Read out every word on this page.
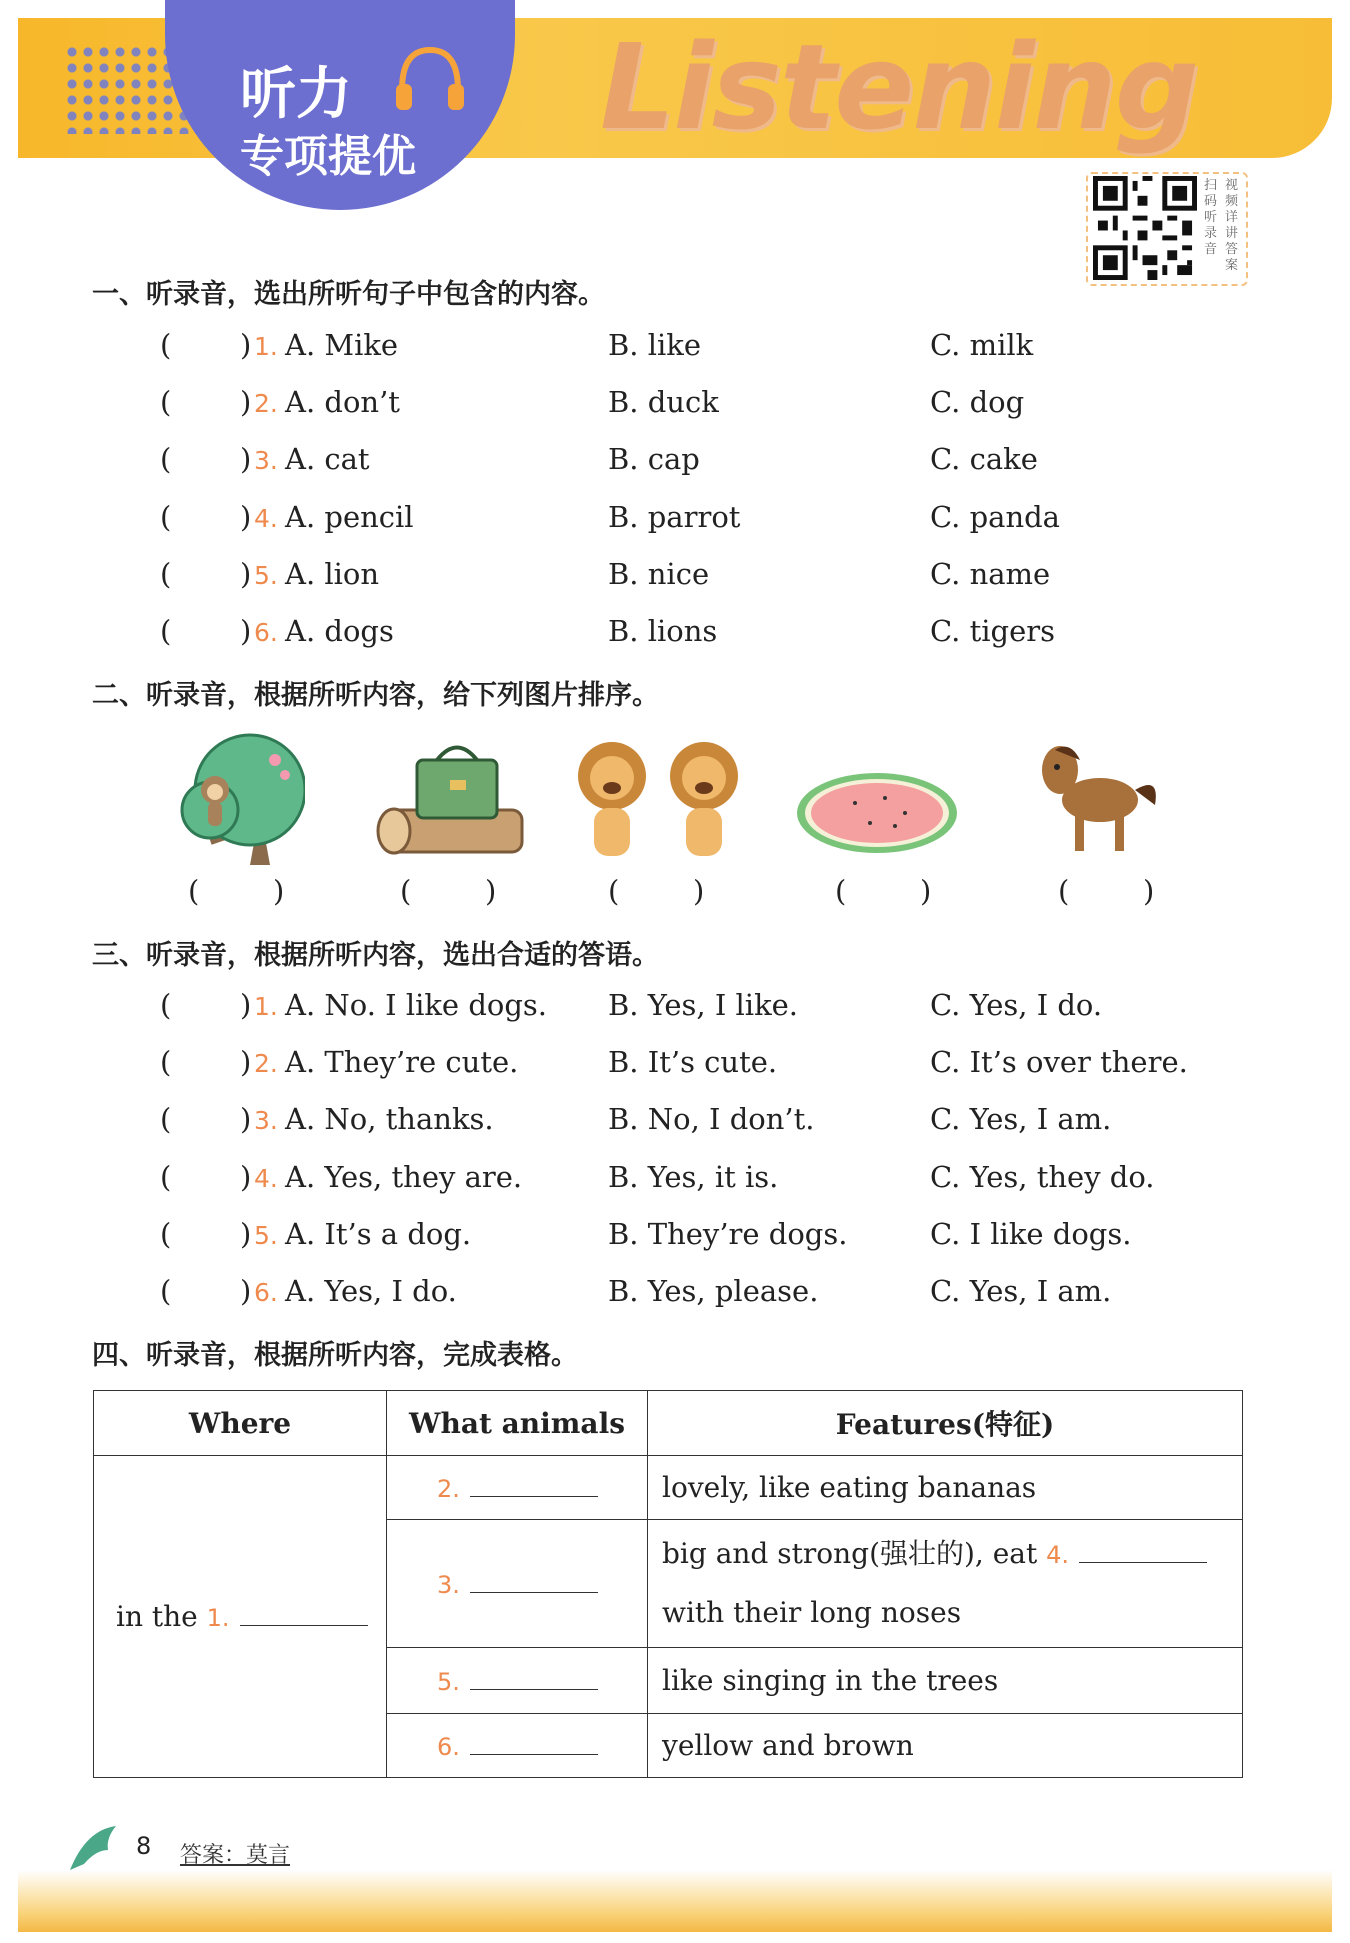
听力
专项提优
Listening
扫 视
码 频
听 详
录 讲
音 答
案
一、听录音，选出所听句子中包含的内容。
( ) 1. A. Mike	B. like	C. milk
( ) 2. A. don’t	B. duck	C. dog
( ) 3. A. cat	B. cap	C. cake
( ) 4. A. pencil	B. parrot	C. panda
( ) 5. A. lion	B. nice	C. name
( ) 6. A. dogs	B. lions	C. tigers
二、听录音，根据所听内容，给下列图片排序。
(        )	(        )	(        )	(        )	(        )
三、听录音，根据所听内容，选出合适的答语。
( ) 1. A. No. I like dogs. B. Yes, I like.	C. Yes, I do.
( ) 2. A. They’re cute.	B. It’s cute.	C. It’s over there.
( ) 3. A. No, thanks.	B. No, I don’t.	C. Yes, I am.
( ) 4. A. Yes, they are.	B. Yes, it is.	C. Yes, they do.
( ) 5. A. It’s a dog.	B. They’re dogs.	C. I like dogs.
( ) 6. A. Yes, I do.	B. Yes, please.	C. Yes, I am.
四、听录音，根据所听内容，完成表格。
Where	What animals	Features(特征)
in the 1.	2.	lovely, like eating bananas
	3.	big and strong(强壮的), eat 4.
with their long noses
	5.	like singing in the trees
	6.	yellow and brown
8 答案：莫言
